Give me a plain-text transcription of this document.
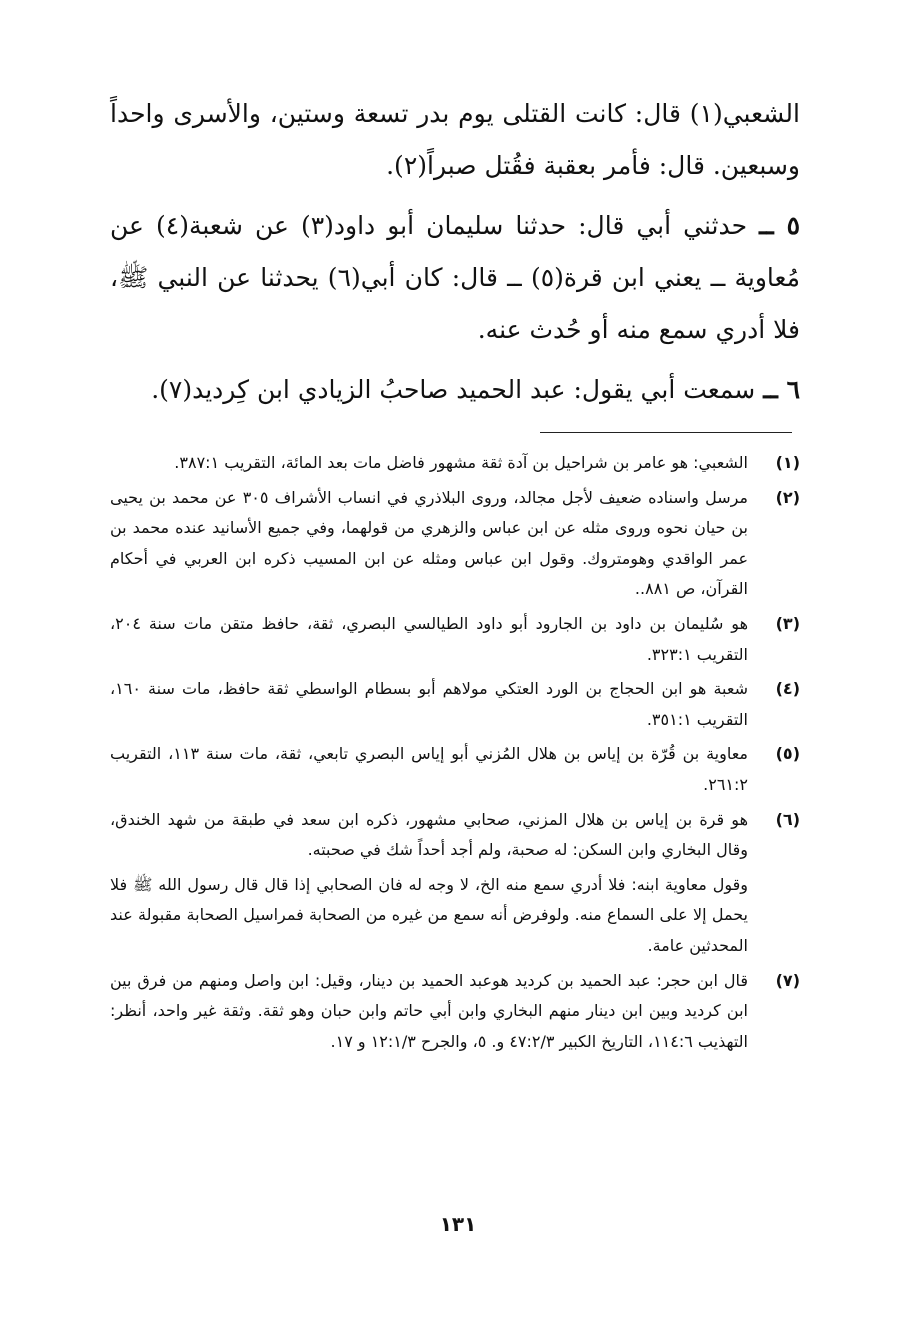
الشعبي(١) قال: كانت القتلى يوم بدر تسعة وستين، والأسرى واحداً وسبعين. قال: فأمر بعقبة فقُتل صبراً(٢).

٥ ــ حدثني أبي قال: حدثنا سليمان أبو داود(٣) عن شعبة(٤) عن مُعاوية ــ يعني ابن قرة(٥) ــ قال: كان أبي(٦) يحدثنا عن النبي ﷺ، فلا أدري سمع منه أو حُدث عنه.

٦ ــ سمعت أبي يقول: عبد الحميد صاحبُ الزيادي ابن كِرديد(٧).

(١)
الشعبي: هو عامر بن شراحيل بن آدة ثقة مشهور فاضل مات بعد المائة، التقريب ٣٨٧:١.
(٢)
مرسل واسناده ضعيف لأجل مجالد، وروى البلاذري في انساب الأشراف ٣٠٥ عن محمد بن يحيى بن حيان نحوه وروى مثله عن ابن عباس والزهري من قولهما، وفي جميع الأسانيد عنده محمد بن عمر الواقدي وهومتروك. وقول ابن عباس ومثله عن ابن المسيب ذكره ابن العربي في أحكام القرآن، ص ٨٨١..
(٣)
هو سُليمان بن داود بن الجارود أبو داود الطيالسي البصري، ثقة، حافظ متقن مات سنة ٢٠٤، التقريب ٣٢٣:١.
(٤)
شعبة هو ابن الحجاج بن الورد العتكي مولاهم أبو بسطام الواسطي ثقة حافظ، مات سنة ١٦٠، التقريب ٣٥١:١.
(٥)
معاوية بن قُرّة بن إياس بن هلال المُزني أبو إياس البصري تابعي، ثقة، مات سنة ١١٣، التقريب ٢٦١:٢.
(٦)
هو قرة بن إياس بن هلال المزني، صحابي مشهور، ذكره ابن سعد في طبقة من شهد الخندق، وقال البخاري وابن السكن: له صحبة، ولم أجد أحداً شك في صحبته.
وقول معاوية ابنه: فلا أدري سمع منه الخ، لا وجه له فان الصحابي إذا قال قال رسول الله ﷺ فلا يحمل إلا على السماع منه. ولوفرض أنه سمع من غيره من الصحابة فمراسيل الصحابة مقبولة عند المحدثين عامة.
(٧)
قال ابن حجر: عبد الحميد بن كرديد هوعبد الحميد بن دينار، وقيل: ابن واصل ومنهم من فرق بين ابن كرديد وبين ابن دينار منهم البخاري وابن أبي حاتم وابن حبان وهو ثقة. وثقة غير واحد، أنظر: التهذيب ١١٤:٦، التاريخ الكبير ٤٧:٢/٣ و. ٥، والجرح ١٢:١/٣ و ١٧.
١٣١
